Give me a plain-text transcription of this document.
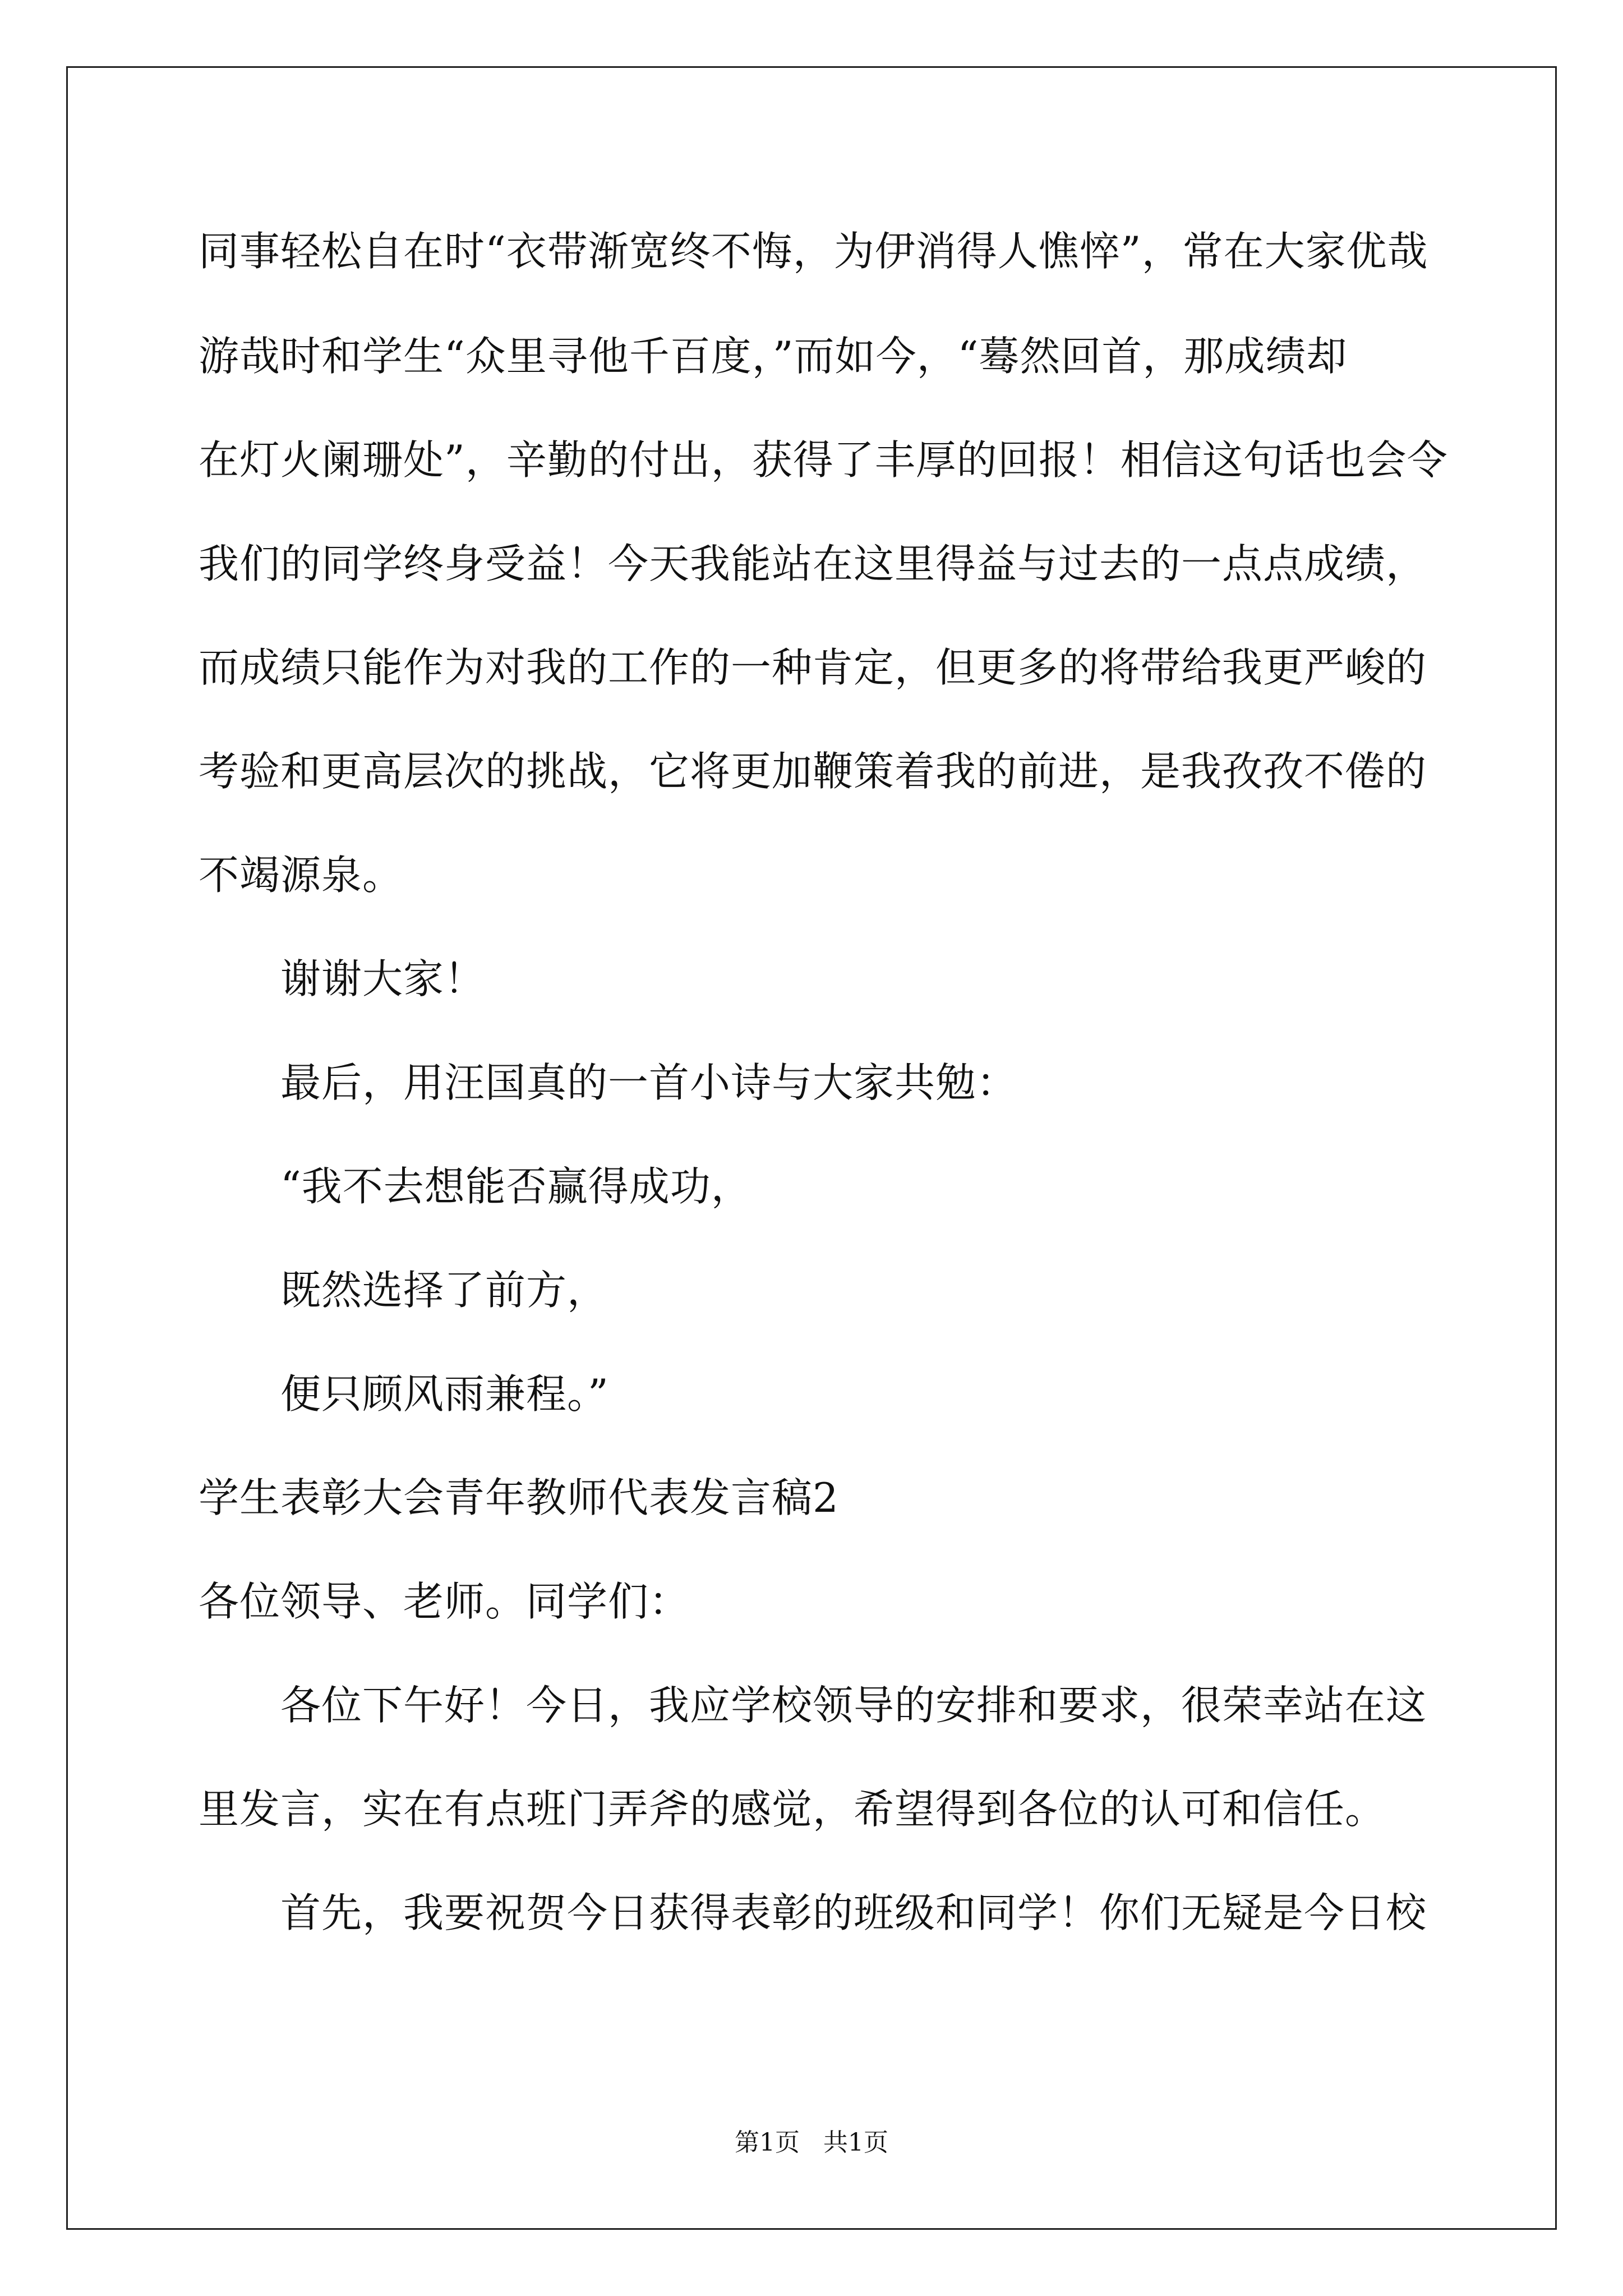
同事轻松自在时“衣带渐宽终不悔，为伊消得人憔悴”，常在大家优哉
游哉时和学生“众里寻他千百度，”而如今，“蓦然回首，那成绩却
在灯火阑珊处”，辛勤的付出，获得了丰厚的回报！相信这句话也会令
我们的同学终身受益！今天我能站在这里得益与过去的一点点成绩，
而成绩只能作为对我的工作的一种肯定，但更多的将带给我更严峻的
考验和更高层次的挑战，它将更加鞭策着我的前进，是我孜孜不倦的
不竭源泉。
谢谢大家！
最后，用汪国真的一首小诗与大家共勉：
“我不去想能否赢得成功，
既然选择了前方，
便只顾风雨兼程。”
学生表彰大会青年教师代表发言稿2
各位领导、老师。同学们：
各位下午好！今日，我应学校领导的安排和要求，很荣幸站在这
里发言，实在有点班门弄斧的感觉，希望得到各位的认可和信任。
首先，我要祝贺今日获得表彰的班级和同学！你们无疑是今日校
第1页 共1页
